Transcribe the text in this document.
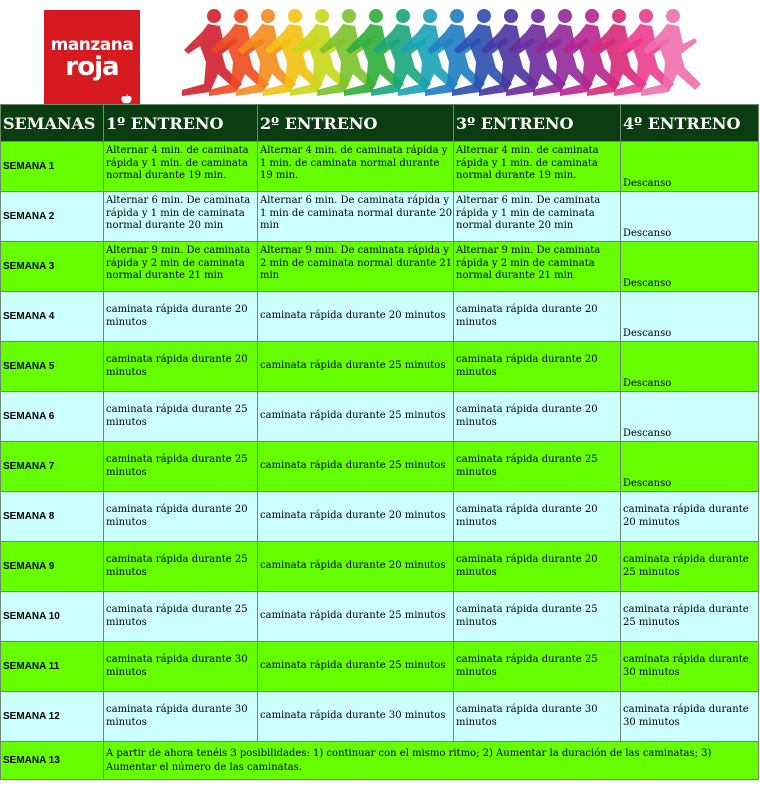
manzana
roja
SEMANAS	1º ENTRENO	2º ENTRENO	3º ENTRENO	4º ENTRENO
SEMANA 1	Alternar 4 min. de caminata rápida y 1 min. de caminata normal durante 19 min.	Alternar 4 min. de caminata rápida y 1 min. de caminata normal durante 19 min.	Alternar 4 min. de caminata rápida y 1 min. de caminata normal durante 19 min.	Descanso
SEMANA 2	Alternar 6 min. De caminata rápida y 1 min de caminata normal durante 20 min	Alternar 6 min. De caminata rápida y 1 min de caminata normal durante 20 min	Alternar 6 min. De caminata rápida y 1 min de caminata normal durante 20 min	Descanso
SEMANA 3	Alternar 9 min. De caminata rápida y 2 min de caminata normal durante 21 min	Alternar 9 min. De caminata rápida y 2 min de caminata normal durante 21 min	Alternar 9 min. De caminata rápida y 2 min de caminata normal durante 21 min	Descanso
SEMANA 4	caminata rápida durante 20 minutos	caminata rápida durante 20 minutos	caminata rápida durante 20 minutos	Descanso
SEMANA 5	caminata rápida durante 20 minutos	caminata rápida durante 25 minutos	caminata rápida durante 20 minutos	Descanso
SEMANA 6	caminata rápida durante 25 minutos	caminata rápida durante 25 minutos	caminata rápida durante 20 minutos	Descanso
SEMANA 7	caminata rápida durante 25 minutos	caminata rápida durante 25 minutos	caminata rápida durante 25 minutos	Descanso
SEMANA 8	caminata rápida durante 20 minutos	caminata rápida durante 20 minutos	caminata rápida durante 20 minutos	caminata rápida durante 20 minutos
SEMANA 9	caminata rápida durante 25 minutos	caminata rápida durante 20 minutos	caminata rápida durante 20 minutos	caminata rápida durante 25 minutos
SEMANA 10	caminata rápida durante 25 minutos	caminata rápida durante 25 minutos	caminata rápida durante 25 minutos	caminata rápida durante 25 minutos
SEMANA 11	caminata rápida durante 30 minutos	caminata rápida durante 25 minutos	caminata rápida durante 25 minutos	caminata rápida durante 30 minutos
SEMANA 12	caminata rápida durante 30 minutos	caminata rápida durante 30 minutos	caminata rápida durante 30 minutos	caminata rápida durante 30 minutos
SEMANA 13	A partir de ahora tenéis 3 posibilidades: 1) continuar con el mismo ritmo; 2) Aumentar la duración de las caminatas; 3) Aumentar el número de las caminatas.			
